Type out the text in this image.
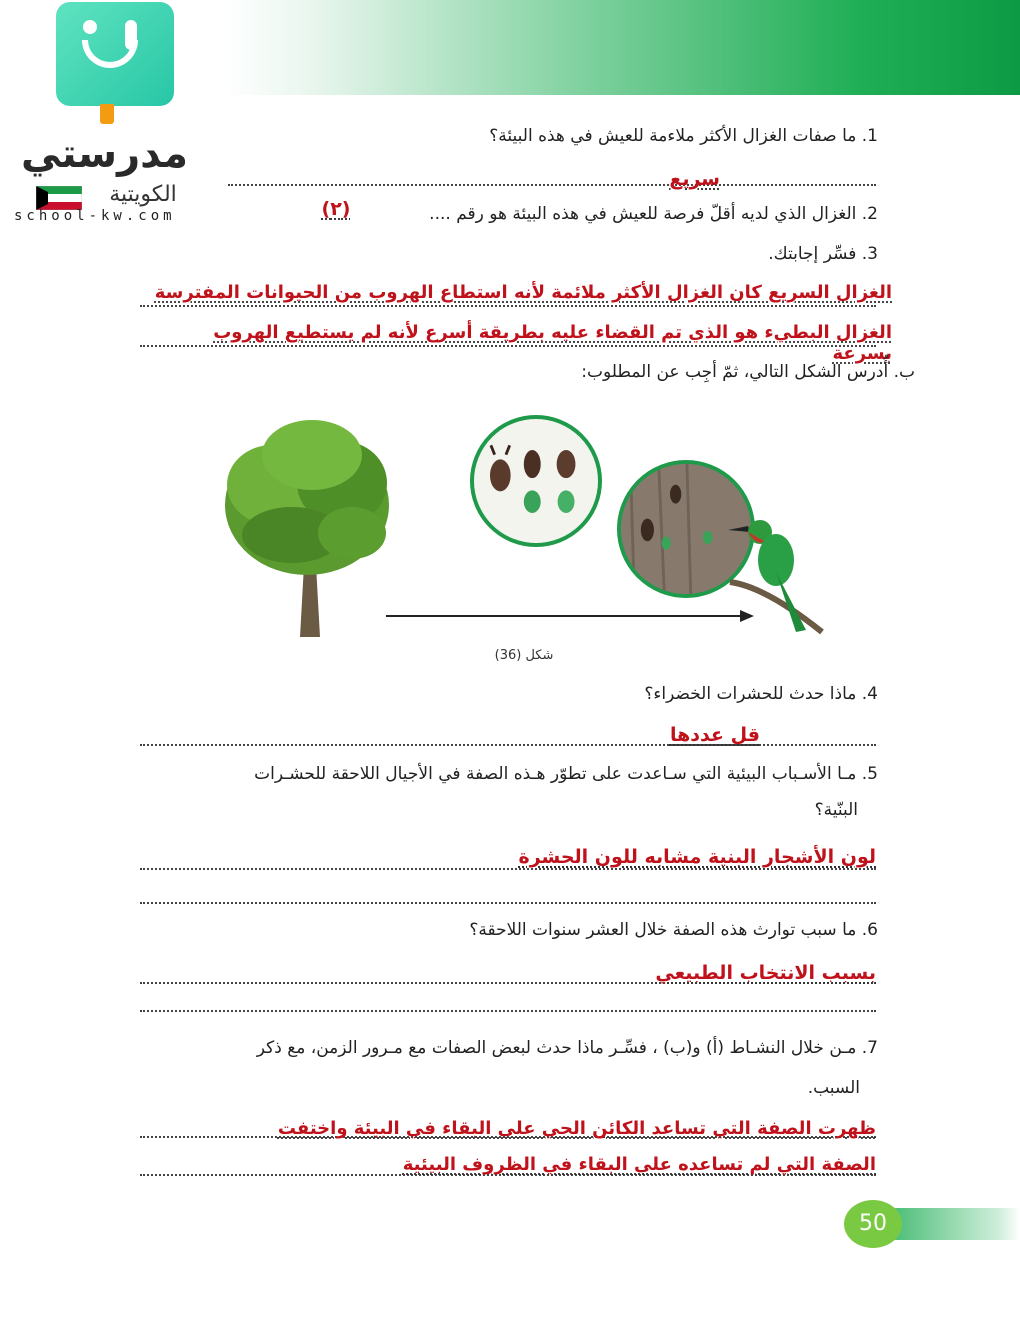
مدرستي
الكويتية
school-kw.com
1. ما صفات الغزال الأكثر ملاءمة للعيش في هذه البيئة؟
سريع
2. الغزال الذي لديه أقلّ فرصة للعيش في هذه البيئة هو رقم ....
(٢)
3. فسِّر إجابتك.
الغزال السريع كان الغزال الأكثر ملائمة لأنه استطاع الهروب من الحيوانات المفترسة
الغزال البطيء هو الذي تم القضاء عليه بطريقة أسرع لأنه لم يستطيع الهروب بسرعة
ب. أُدرس الشكل التالي، ثمّ أجِب عن المطلوب:
شكل (36)
4. ماذا حدث للحشرات الخضراء؟
قل عددها
5. مـا الأسـباب البيئية التي سـاعدت على تطوّر هـذه الصفة في الأجيال اللاحقة للحشـرات
البنّية؟
لون الأشجار البنية مشابه للون الحشرة
6. ما سبب توارث هذه الصفة خلال العشر سنوات اللاحقة؟
بسبب الانتخاب الطبيعي
7. مـن خلال النشـاط (أ) و(ب) ، فسِّـر ماذا حدث لبعض الصفات مع مـرور الزمن، مع ذكر
السبب.
ظهرت الصفة التي تساعد الكائن الحي على البقاء في البيئة واختفت
الصفة التي لم تساعده على البقاء في الظروف البيئية
50
